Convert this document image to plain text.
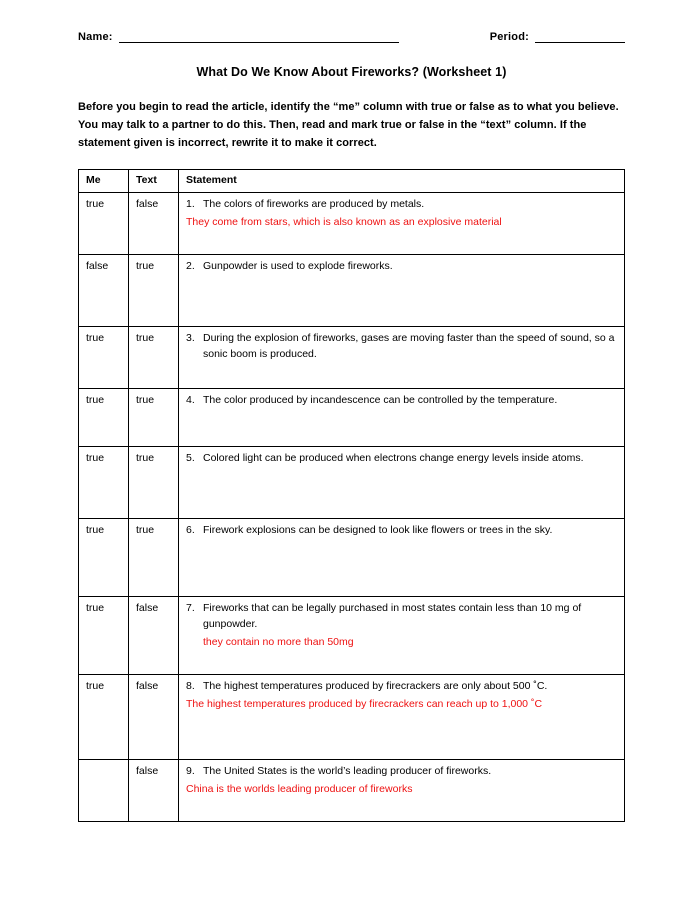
Name:	Period:
What Do We Know About Fireworks? (Worksheet 1)
Before you begin to read the article, identify the “me” column with true or false as to what you believe. You may talk to a partner to do this. Then, read and mark true or false in the “text” column. If the statement given is incorrect, rewrite it to make it correct.
Me	Text	Statement
true	false	1. The colors of fireworks are produced by metals.
They come from stars, which is also known as an explosive material

false	true	2. Gunpowder is used to explode fireworks.

true	true	3. During the explosion of fireworks, gases are moving faster than the speed of sound, so a sonic boom is produced.

true	true	4. The color produced by incandescence can be controlled by the temperature.

true	true	5. Colored light can be produced when electrons change energy levels inside atoms.

true	true	6. Firework explosions can be designed to look like flowers or trees in the sky.

true	false	7. Fireworks that can be legally purchased in most states contain less than 10 mg of gunpowder.
they contain no more than 50mg

true	false	8. The highest temperatures produced by firecrackers are only about 500 ˚C.
The highest temperatures produced by firecrackers can reach up to 1,000 ˚C

	false	9. The United States is the world’s leading producer of fireworks.
China is the worlds leading producer of fireworks
